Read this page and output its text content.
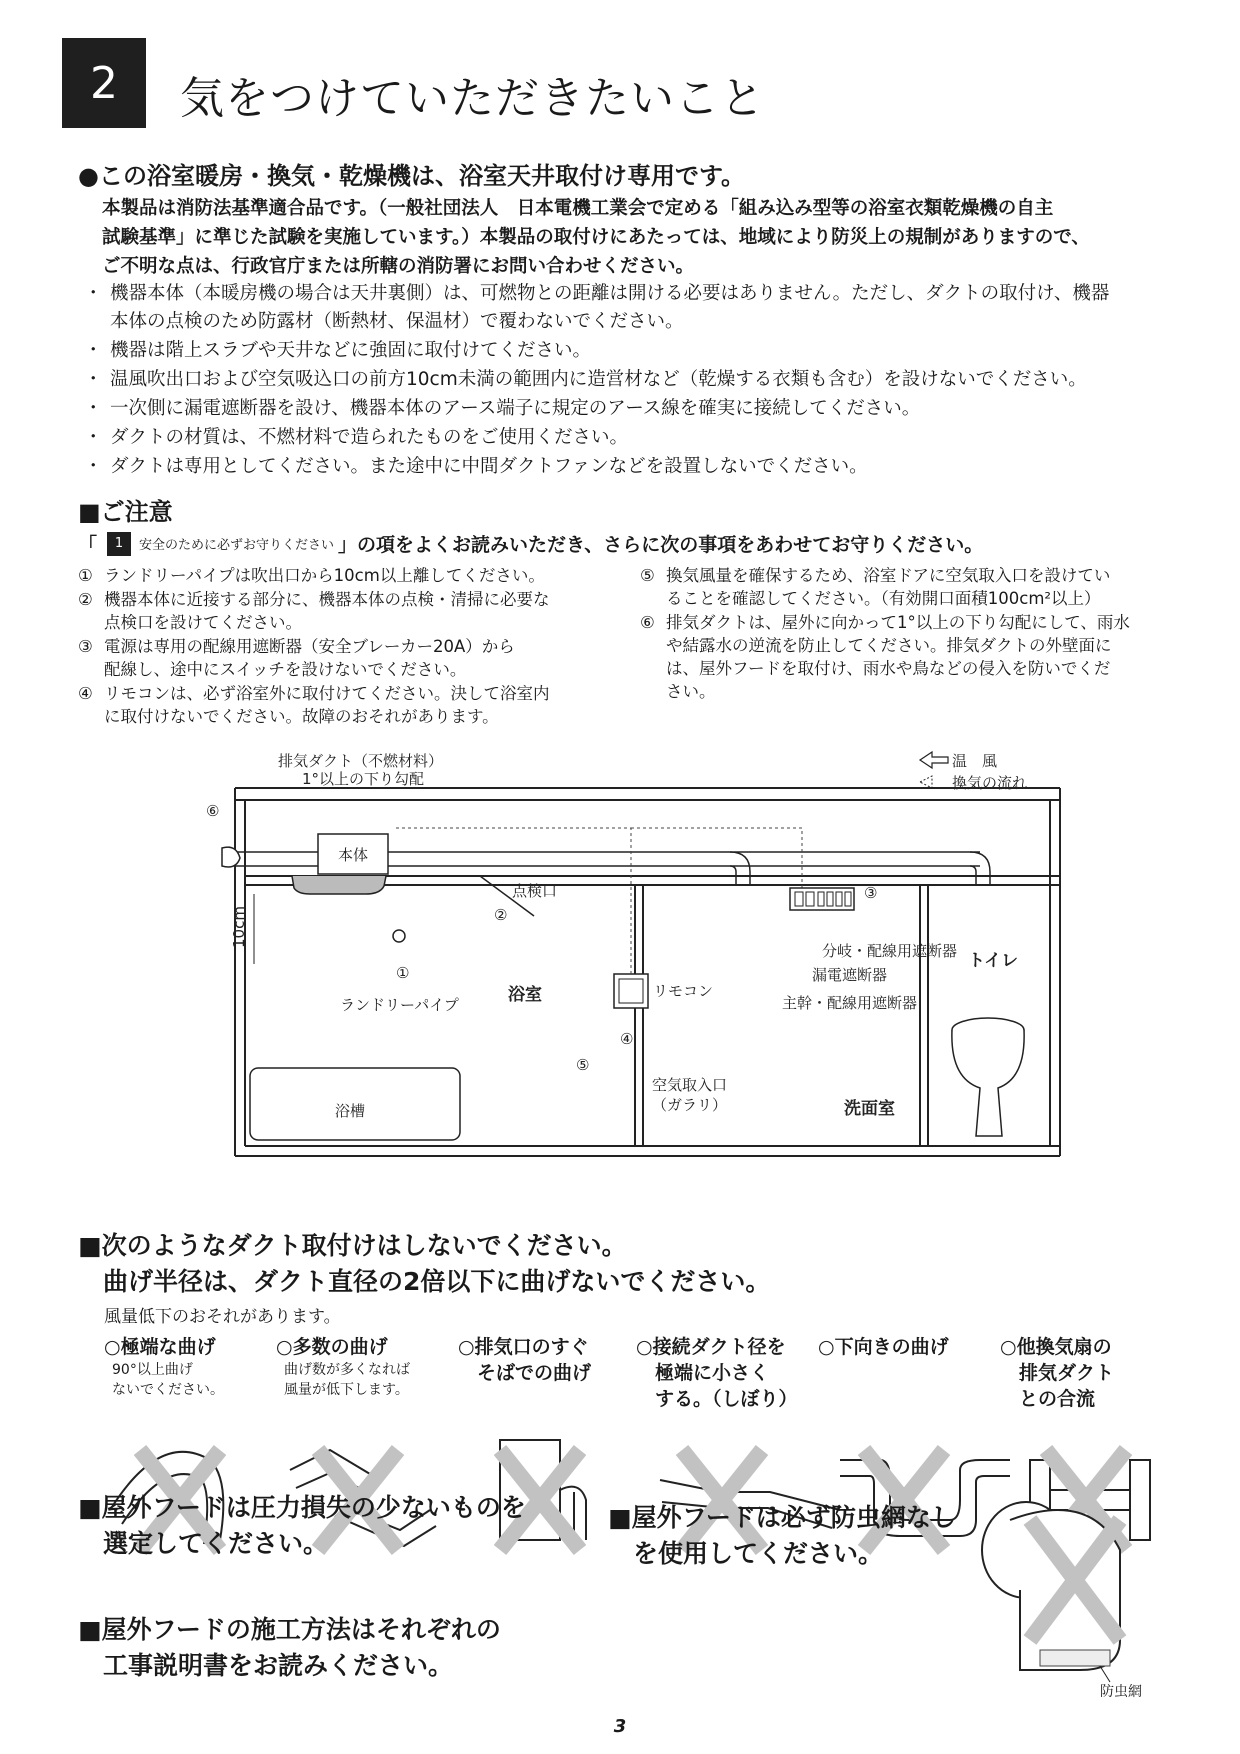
2	気をつけていただきたいこと
●この浴室暖房・換気・乾燥機は、浴室天井取付け専用です。

本製品は消防法基準適合品です。（一般社団法人　日本電機工業会で定める「組み込み型等の浴室衣類乾燥機の自主

試験基準」に準じた試験を実施しています。）本製品の取付けにあたっては、地域により防災上の規制がありますので、

ご不明な点は、行政官庁または所轄の消防署にお問い合わせください。

・ 機器本体（本暖房機の場合は天井裏側）は、可燃物との距離は開ける必要はありません。ただし、ダクトの取付け、機器
本体の点検のため防露材（断熱材、保温材）で覆わないでください。
・ 機器は階上スラブや天井などに強固に取付けてください。
・ 温風吹出口および空気吸込口の前方10cm未満の範囲内に造営材など（乾燥する衣類も含む）を設けないでください。
・ 一次側に漏電遮断器を設け、機器本体のアース端子に規定のアース線を確実に接続してください。
・ ダクトの材質は、不燃材料で造られたものをご使用ください。
・ ダクトは専用としてください。また途中に中間ダクトファンなどを設置しないでください。
■ご注意
「	1	安全のために必ずお守りください 」の項をよくお読みいただき、さらに次の事項をあわせてお守りください。
① ランドリーパイプは吹出口から10cm以上離してください。
② 機器本体に近接する部分に、機器本体の点検・清掃に必要な
点検口を設けてください。
③ 電源は専用の配線用遮断器（安全ブレーカー20A）から
配線し、途中にスイッチを設けないでください。
④ リモコンは、必ず浴室外に取付けてください。決して浴室内
に取付けないでください。故障のおそれがあります。
⑤ 換気風量を確保するため、浴室ドアに空気取入口を設けてい
ることを確認してください。（有効開口面積100cm²以上）
⑥ 排気ダクトは、屋外に向かって1°以上の下り勾配にして、雨水
や結露水の逆流を防止してください。排気ダクトの外壁面に
は、屋外フードを取付け、雨水や鳥などの侵入を防いでくだ
さい。
本体
点検口
リモコン
分岐・配線用遮断器
漏電遮断器
主幹・配線用遮断器
ランドリーパイプ
10cm
浴室
洗面室
トイレ
浴槽
空気取入口
（ガラリ）
排気ダクト（不燃材料）
1°以上の下り勾配
温　風
換気の流れ
⑥
①
②
③
④
⑤
■次のようなダクト取付けはしないでください。
　曲げ半径は、ダクト直径の2倍以下に曲げないでください。
風量低下のおそれがあります。
○極端な曲げ
90°以上曲げ
ないでください。
○多数の曲げ
曲げ数が多くなれば
風量が低下します。
○排気口のすぐ
　そばでの曲げ
○接続ダクト径を
　極端に小さく
　する。（しぼり）
○下向きの曲げ	○他換気扇の
　排気ダクト
　との合流
■屋外フードは圧力損失の少ないものを
　選定してください。
■屋外フードの施工方法はそれぞれの
　工事説明書をお読みください。
■屋外フードは必ず防虫網なし
　を使用してください。
防虫網
3
